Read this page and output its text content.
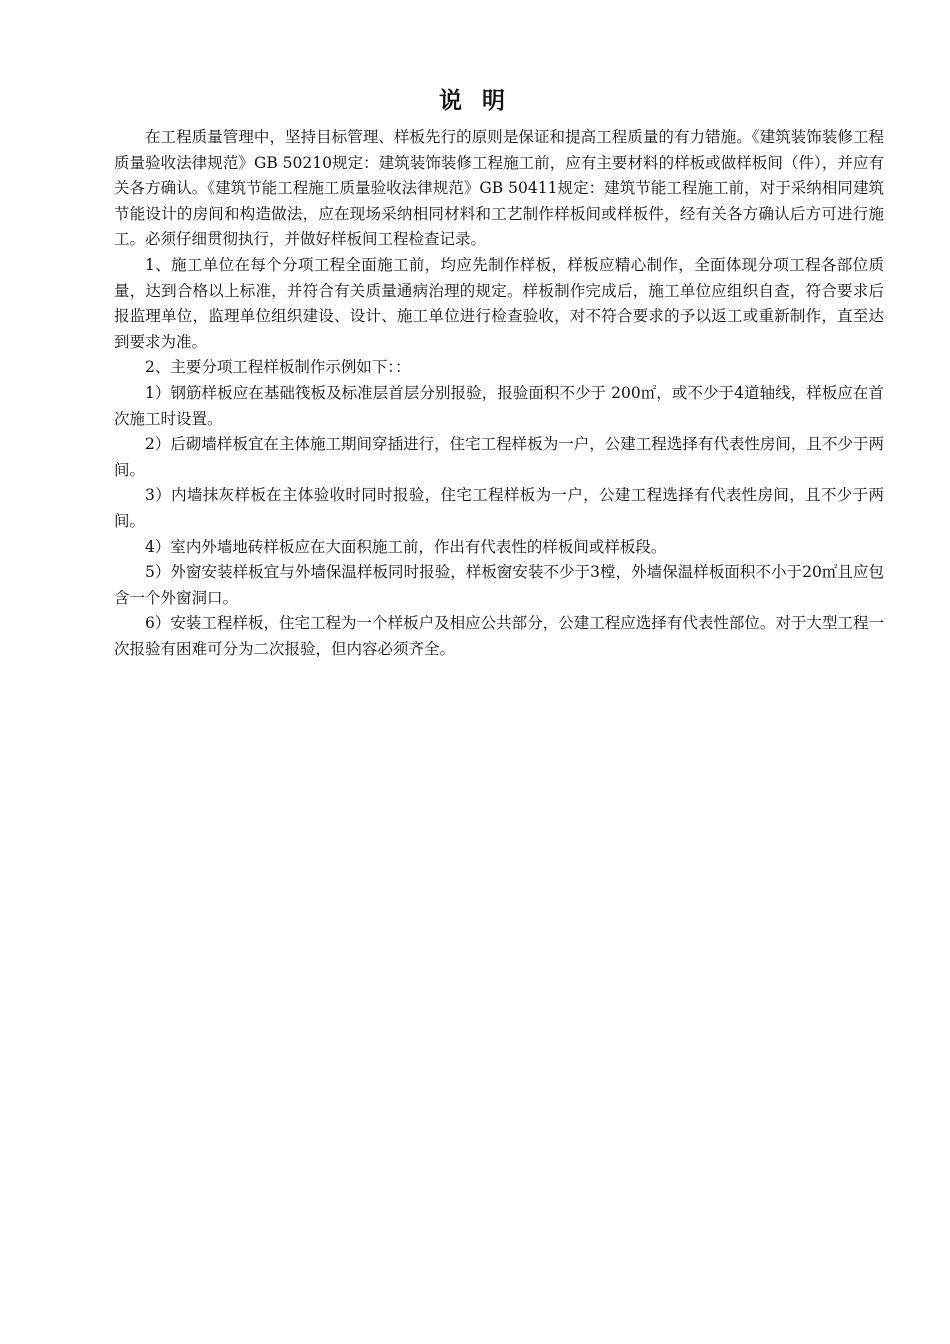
说 明

在工程质量管理中，坚持目标管理、样板先行的原则是保证和提高工程质量的有力错施。《建筑装饰装修工程质量验收法律规范》GB 50210规定：建筑装饰装修工程施工前，应有主要材料的样板或做样板间（件），并应有关各方确认。《建筑节能工程施工质量验收法律规范》GB 50411规定：建筑节能工程施工前，对于采纳相同建筑节能设计的房间和构造做法，应在现场采纳相同材料和工艺制作样板间或样板件，经有关各方确认后方可进行施工。必须仔细贯彻执行，并做好样板间工程检查记录。

1、施工单位在每个分项工程全面施工前，均应先制作样板，样板应精心制作，全面体现分项工程各部位质量，达到合格以上标准，并符合有关质量通病治理的规定。样板制作完成后，施工单位应组织自查，符合要求后报监理单位，监理单位组织建设、设计、施工单位进行检查验收，对不符合要求的予以返工或重新制作，直至达到要求为准。

2、主要分项工程样板制作示例如下：：

1）钢筋样板应在基础筏板及标准层首层分别报验，报验面积不少于 200㎡，或不少于4道轴线，样板应在首次施工时设置。

2）后砌墙样板宜在主体施工期间穿插进行，住宅工程样板为一户，公建工程选择有代表性房间，且不少于两间。

3）内墙抹灰样板在主体验收时同时报验，住宅工程样板为一户，公建工程选择有代表性房间，且不少于两间。

4）室内外墙地砖样板应在大面积施工前，作出有代表性的样板间或样板段。

5）外窗安装样板宜与外墙保温样板同时报验，样板窗安装不少于3樘，外墙保温样板面积不小于20㎡且应包含一个外窗洞口。

6）安装工程样板，住宅工程为一个样板户及相应公共部分，公建工程应选择有代表性部位。对于大型工程一次报验有困难可分为二次报验，但内容必须齐全。
